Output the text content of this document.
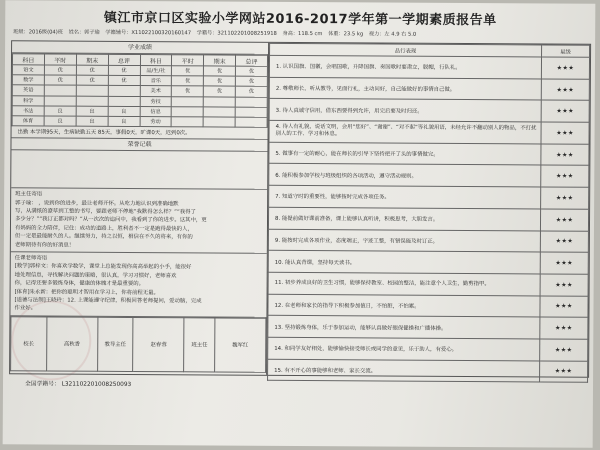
镇江市京口区实验小学网站2016-2017学年第一学期素质报告单
班级：2016级(04)班 姓名：郭子瑜 学籍辅号：X110221003201601​47 学籍号：32110220100825​1918 身高：118.5 cm 体重：23.5 kg 视力：左 4.9 右 5.0
学业成绩
科目	平时	期末	总评	科目	平时	期末	总评
语文	优	优	优	品/生/社	优	优	优
数学	优	优	优	音乐	优	优	优
英语				美术	优	优	优
科学				劳技			
书法	良	良	良	信息			
体育	良	良	良	劳动			
出勤 本学期95天，生病缺勤五天 85天，事假0天，旷课0天，迟到0次。
荣誉记载

班主任寄语

郭子瑜： ，说到你的进步，最让老师开怀。从吃力地认识到准确地默

写，从满纸的潦草到工整的书写，要跟老师不停地“我默得怎么样？”“我得了

多少分？”“我订正都对吗？”从一次次的追问中，我看到了你的进步。这其中，更

有妈妈的全力陪伴，记住：成功的道路上，胜利者不一定是跑得最快的人，

但一定是最能耐久的人。继续努力，持之以恒，相信在不久的将来，有你的

老师期待有你的好消息！

任课老师寄语

[数学]郭梓文：你喜欢学数学，课堂上总能发现你高高举起的小手，能很好

地处理信息，寻找解决问题的策略，很认真，学习习惯好，老师喜欢

你，记得还要多锻炼身体，健康的体魄才是最重要的。

[体育]朱永新：把你的聪明才智用在学习上，你将前程无量。

[道德与法制]王晓玲：12. 上课能遵守纪律，积极回答老师提问，爱动脑，完成

作业好。

校长	高秋香	教导主任	赵春蓉	班主任	魏军红
品行表现	星级
1. 认识国旗、国徽，会唱国歌，升降国旗、奏国歌时要肃立，脱帽，行队礼。	★★★
2. 尊敬师长，听从教导，见面行礼，主动问好，自己能做好的事情自己做。	★★★
3. 待人真诚守信用，借东西要得到允许，用完后要及时归还。	★★★
4. 待人有礼貌，说话文明，会用“您好”、“谢谢”、“对不起”等礼貌用语，未经允许不翻动别人的物品，不打扰别人的工作、学习和休息。	★★★
5. 做事有一定的耐心，能在师长的引导下坚持把开了头的事情做完。	★★★
6. 能积极参加学校与班级组织的各项活动，遵守活动规则。	★★★
7. 知道守时的重要性，能够按时完成各项任务。	★★★
8. 能提前做好课前准备，课上能够认真听讲，积极思考，大胆发言。	★★★
9. 能按时完成各项作业，态度端正，字迹工整，有错误能及时订正。	★★★
10. 能认真背课，坚持每天读书。	★★★
11. 初步养成良好的卫生习惯，能够保持教室、校园的整洁，能注意个人卫生，勤剪指甲。	★★★
12. 在老师和家长的指导下积极参加值日，不怕脏，不怕累。	★★★
13. 坚持锻炼身体，乐于参加运动，能够认真做好眼保健操和广播体操。	★★★
14. 和同学友好相处，能够愉快接受师长或同学的意见，乐于助人，有爱心。	★★★
15. 有不开心的事能够和老师、家长交流。	★★★
全国学籍号： L3211022010082500​93
